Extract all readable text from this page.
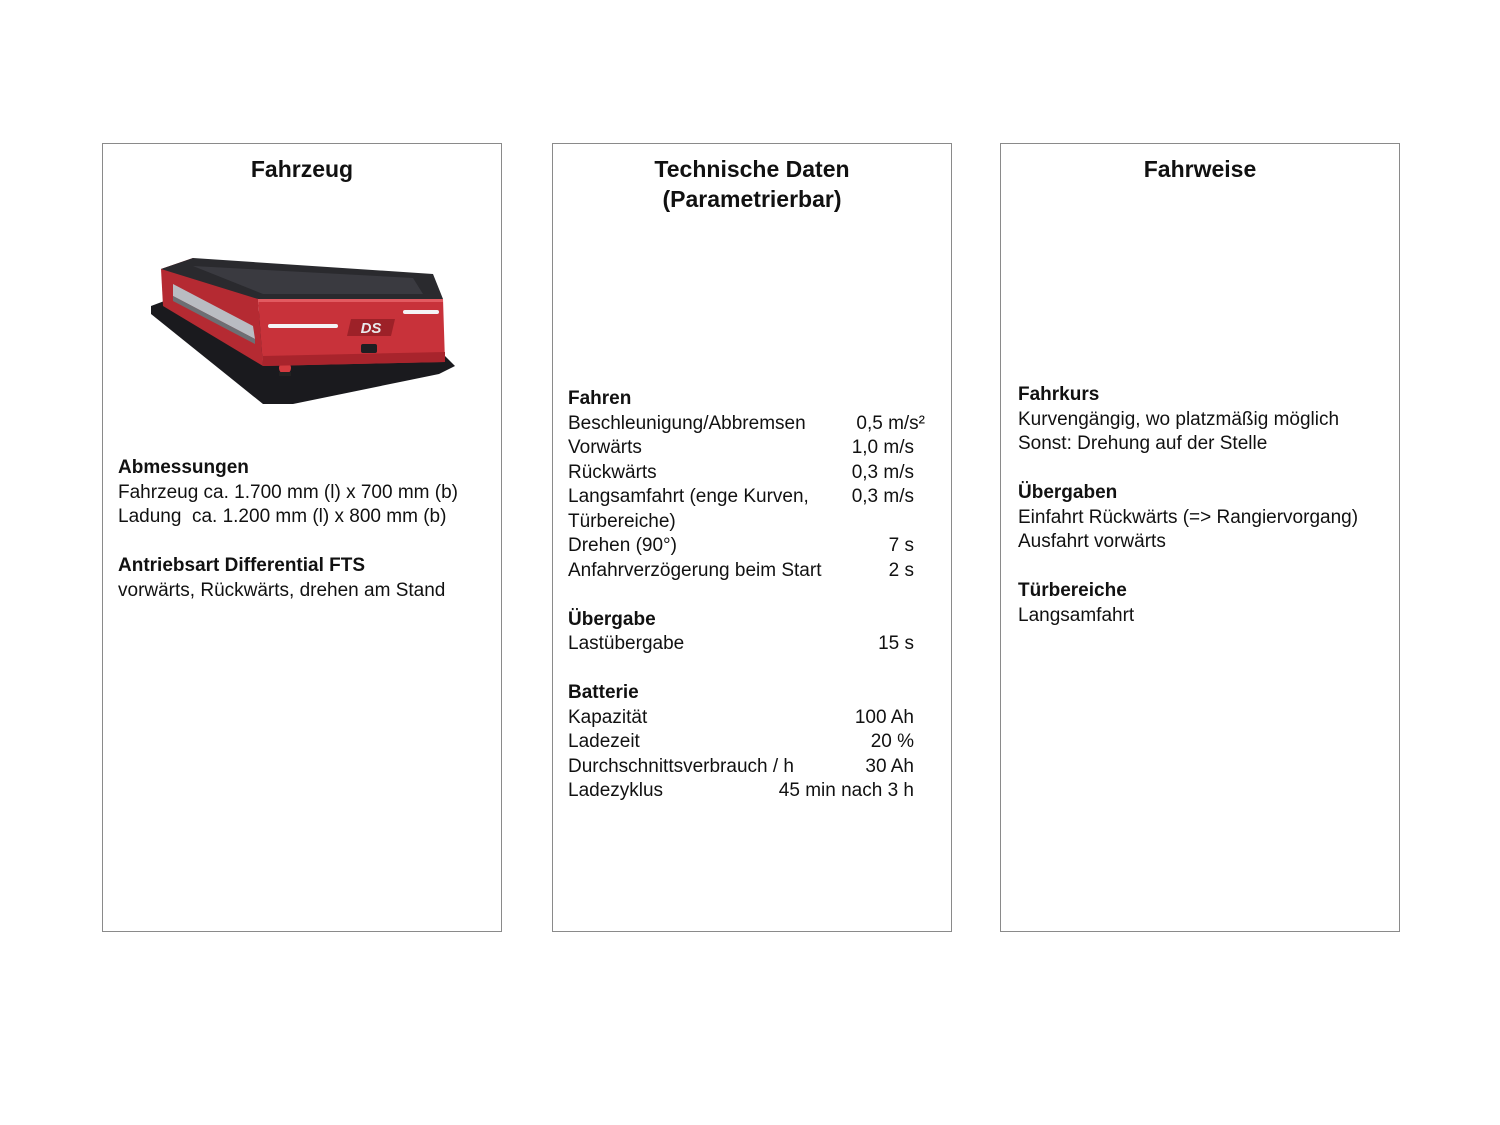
Fahrzeug
DS
Abmessungen
Fahrzeug ca. 1.700 mm (l) x 700 mm (b)
Ladung  ca. 1.200 mm (l) x 800 mm (b)
Antriebsart Differential FTS
vorwärts, Rückwärts, drehen am Stand
Technische Daten
(Parametrierbar)
Fahren
Beschleunigung/Abbremsen	0,5 m/s²
Vorwärts	1,0 m/s
Rückwärts	0,3 m/s
Langsamfahrt (enge Kurven, 0,3 m/s
Türbereiche)
Drehen (90°)	7 s
Anfahrverzögerung beim Start	2 s
Übergabe
Lastübergabe	15 s
Batterie
Kapazität	100 Ah
Ladezeit	20 %
Durchschnittsverbrauch / h	30 Ah
Ladezyklus	45 min nach 3 h
Fahrweise
Fahrkurs
Kurvengängig, wo platzmäßig möglich
Sonst: Drehung auf der Stelle
Übergaben
Einfahrt Rückwärts (=> Rangiervorgang)
Ausfahrt vorwärts
Türbereiche
Langsamfahrt
